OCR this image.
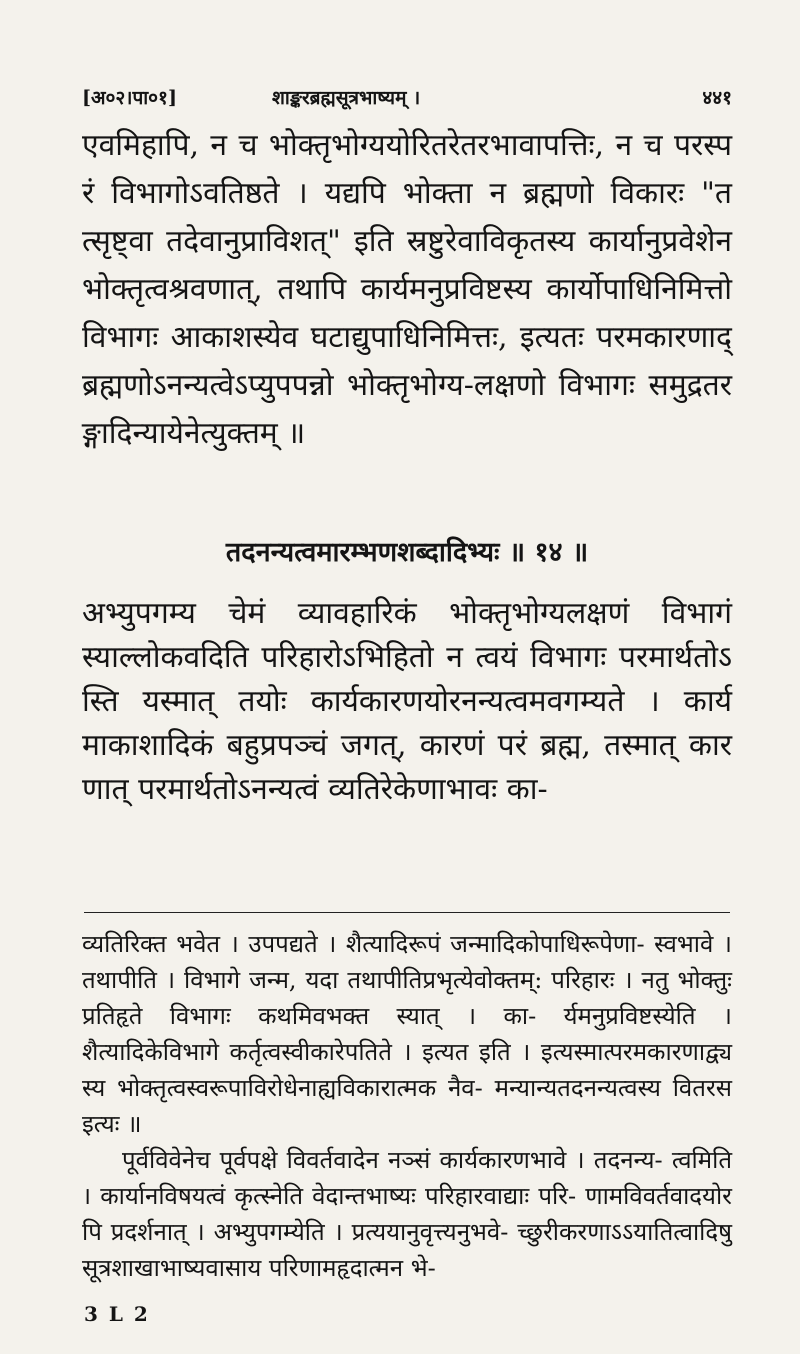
[अ०२।पा०१]	शाङ्करब्रह्मसूत्रभाष्यम् ।	४४१

एवमिहापि, न च भोक्तृभोग्ययोरितरेतरभावापत्तिः, न च परस्परं विभागोऽवतिष्ठते । यद्यपि भोक्ता न ब्रह्मणो विकारः "तत्सृष्ट्वा तदेवानुप्राविशत्" इति स्रष्टुरेवाविकृतस्य कार्यानुप्रवेशेन भोक्तृत्वश्रवणात्, तथापि कार्यमनुप्रविष्टस्य कार्योपाधिनिमित्तो विभागः आकाशस्येव घटाद्युपाधिनिमित्तः, इत्यतः परमकारणाद् ब्रह्मणोऽनन्यत्वेऽप्युपपन्नो भोक्तृभोग्य-लक्षणो विभागः समुद्रतरङ्गादिन्यायेनेत्युक्तम् ॥

तदनन्यत्वमारम्भणशब्दादिभ्यः ॥ १४ ॥

अभ्युपगम्य चेमं व्यावहारिकं भोक्तृभोग्यलक्षणं विभागं स्याल्लोकवदिति परिहारोऽभिहितो न त्वयं विभागः परमार्थतोऽस्ति यस्मात् तयोः कार्यकारणयोरनन्यत्वमवगम्यते । कार्यमाकाशादिकं बहुप्रपञ्चं जगत्, कारणं परं ब्रह्म, तस्मात् कारणात् परमार्थतोऽनन्यत्वं व्यतिरेकेणाभावः का-

व्यतिरिक्त भवेत । उपपद्यते । शैत्यादिरूपं जन्मादिकोपाधिरूपेणा- स्वभावे । तथापीति । विभागे जन्म, यदा तथापीतिप्रभृत्येवोक्तम्: परिहारः । नतु भोक्तुः प्रतिहृते विभागः कथमिवभक्त स्यात् । का- र्यमनुप्रविष्टस्येति । शैत्यादिकेविभागे कर्तृत्वस्वीकारेपतिते । इत्यत इति । इत्यस्मात्परमकारणाद्व्यस्य भोक्तृत्वस्वरूपाविरोधेनाह्यविकारात्मक नैव- मन्यान्यतदनन्यत्वस्य वितरस इत्यः ॥

पूर्वविवेनेच पूर्वपक्षे विवर्तवादेन नञ्सं कार्यकारणभावे । तदनन्य- त्वमिति । कार्यानविषयत्वं कृत्स्नेति वेदान्तभाष्यः परिहारवाद्याः परि- णामविवर्तवादयोरपि प्रदर्शनात् । अभ्युपगम्येति । प्रत्ययानुवृत्त्यनुभवे- च्छुरीकरणाऽऽयातित्वादिषु सूत्रशाखाभाष्यवासाय परिणामहृदात्मन भे-

3 L 2
